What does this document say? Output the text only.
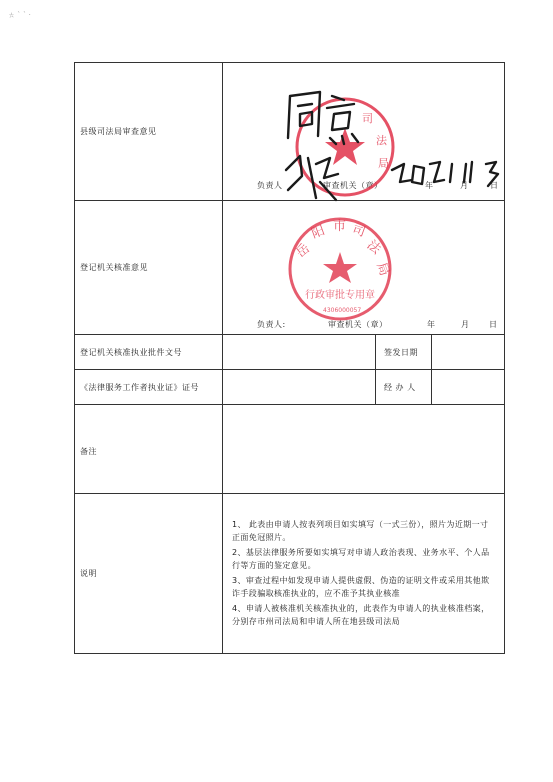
ㄊ ˋ ˋ ·
县级司法局审查意见
负责人	审查机关（章）	年	月	日
司
法
局
登记机关核准意见
负责人:	审查机关（章）	年	月 日
岳
阳 市 司
法
局
行政审批专用章
4306000057
登记机关核准执业批件文号	签发日期
《法律服务工作者执业证》证号	经 办 人
备注
说明
1、 此表由申请人按表列项目如实填写（一式三份），照片为近期一寸正面免冠照片。
2、基层法律服务所要如实填写对申请人政治表现、业务水平、个人品行等方面的鉴定意见。
3、审查过程中如发现申请人提供虚假、伪造的证明文件或采用其他欺诈手段骗取核准执业的，应不准予其执业核准
4、申请人被核准机关核准执业的，此表作为申请人的执业核准档案，分别存市州司法局和申请人所在地县级司法局
